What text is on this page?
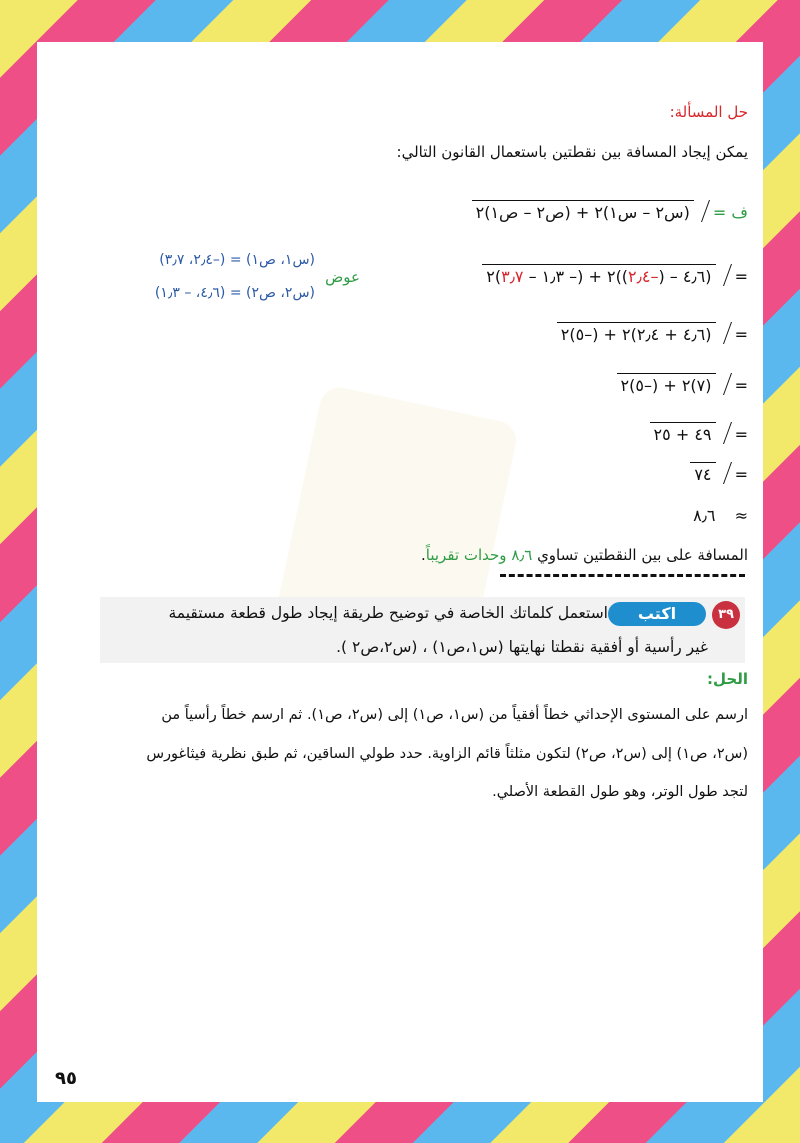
حل المسألة:
يمكن إيجاد المسافة بين نقطتين باستعمال القانون التالي:
ف = (س٢ – س١)٢ + (ص٢ – ص١)٢
= (٤٫٦ – (–٢٫٤))٢ + (– ١٫٣ – ٣٫٧)٢
عوض
(س١، ص١) = (–٢٫٤، ٣٫٧)
(س٢، ص٢) = (٤٫٦، – ١٫٣)
= (٤٫٦ + ٢٫٤)٢ + (–٥)٢
= (٧)٢ + (–٥)٢
= ٤٩ + ٢٥
= ٧٤
≈ ٨٫٦
المسافة على بين النقطتين تساوي ٨٫٦ وحدات تقريباً.
٣٩
اكتب
استعمل كلماتك الخاصة في توضيح طريقة إيجاد طول قطعة مستقيمة
غير رأسية أو أفقية نقطتا نهايتها (س١،ص١) ، (س٢،ص٢ ).
الحل:
ارسم على المستوى الإحداثي خطاً أفقياً من (س١، ص١) إلى (س٢، ص١). ثم ارسم خطاً رأسياً من
(س٢، ص١) إلى (س٢، ص٢) لتكون مثلثاً قائم الزاوية. حدد طولي الساقين، ثم طبق نظرية فيثاغورس
لتجد طول الوتر، وهو طول القطعة الأصلي.
٩٥
